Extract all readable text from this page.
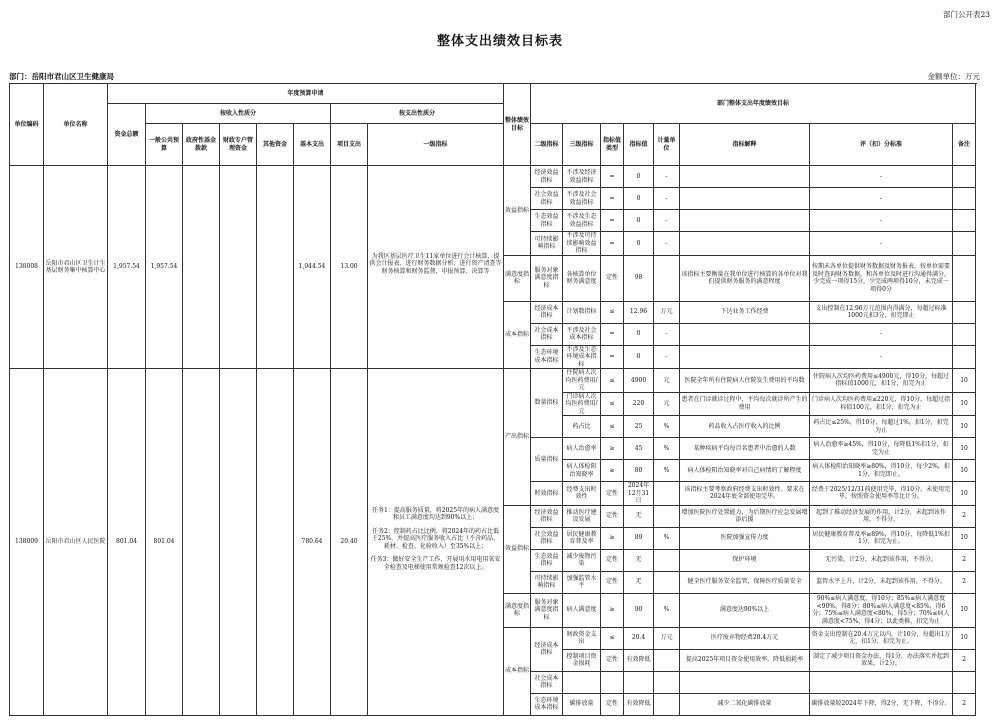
部门公开表23
整体支出绩效目标表
部门：岳阳市君山区卫生健康局	金额单位：万元
单位编码	单位名称	年度预算申请								整体绩效目标	部门整体支出年度绩效目标							
		资金总额	按收入性质分					按支出性质分										
			一般公共预算	政府性基金拨款	财政专户管理资金	其他资金	基本支出	项目支出	一级指标		二级指标	三级指标	指标值类型	指标值	计量单位	指标解释	评（扣）分标准	备注
138008	岳阳市君山区卫生计生基层财务集中核算中心	1,957.54	1,957.54				1,944.54	13.00	为我区基层医疗卫生11家单位进行会计核算、提供会计报表、进行财务数据分析、进行资产清查等财务核算和财务监督，申报预算、决算等	效益指标	经济效益指标	不涉及经济效益指标	=	0	-		-	
											社会效益指标	不涉及社会效益指标	=	0	-		-	
											生态效益指标	不涉及生态效益指标	=	0	-		-	
											可持续影响指标	不涉及可持续影响效益指标	=	0	-		-	
										满意度指标	服务对象满意度指标	各核算单位财务满意度	定性	98		该指标主要衡量在我单位进行核算的各单位对我们提供财务服务的满意程度	按期未各单位提供财务数据及财务报表，按单位需要及时查询财务数据，和各单位及时进行沟通得满分，少完成一项得15分，少完成两项得10分，未完成一项得0分	
										成本指标	经济成本指标	计划数指标	≤	12.96	万元	下达业务工作经费	支出控制在12.96万元范围内得满分，每超过标准1000元扣3分，扣完即止	
											社会成本指标	不涉及社会成本指标	=	0	-		-	
											生态环境成本指标	不涉及生态环境成本指标	=	0	-		-	
138009	岳阳市君山区人民医院	801.04	801.04				780.64	20.40	任务1：提高服务质量，将2025年的病人满意度和员工满意度均达到90%以上；

任务2：控制药占比比例，将2024年的药占比低于25%，并提高医疗服务收入占比（不含药品、耗材、检查、化验收入）至35%以上；

任务3：做好安全生产工作，开展用水用电用氧安全检查及电梯使用常规检查12次以上。	产出指标	数量指标	住院病人次均医药费用/元	≤	4900	元	医院全年所有住院病人住院发生费用的平均数	住院病人次均医药费用≤4900元，得10分，每超过指标值1000元，扣1分，扣完为止	10
												门诊病人次均医药费用/元	≤	220	元	患者在门诊就诊过程中，平均每次就诊所产生的费用	门诊病人次均医药费用≤220元，得10分，每超过指标值100元，扣1分，扣完为止	10
												药占比	≤	25	%	药品收入占医疗收入的比例	药占比≤25%，得10分，每超过1%，扣1分，扣完为止	10
											质量指标	病人治愈率	≥	45	%	某种疾病平均每百名患者中治愈的人数	病人治愈率≥45%，得10分，每降低1%扣1分，扣完为止	10
												病人体检阳治知晓率	≥	80	%	病人体检阳治知晓率对自己病情的了解程度	病人体检阳治知晓率≥80%，得10分，每少2%，扣1分，扣完即止。	10
											时效指标	经费支出时效性	定性	2024年12月31日		该指标主要考察政府经费支出时效性。要求在2024年底全部使用完毕。	经费于2025/12/31前使用完毕，得10分，未使用完毕，按照资金使用率等比计分。	10
										效益指标	经济效益指标	推动医疗建设发展	定性	无		增加医院医疗处置能力，为后期医疗应急发展增添后援	起到了推动经济发展的作用，计2分，未起到该作用，不得分。	2
											社会效益指标	居民健康教育普及率	≥	89	%	医院加强宣传力度	居民健康教育普及率≥89%，得10分，每降低1%扣1分，扣完为止。	10
											生态效益指标	减少废物污染	定性	无		保护环境	无污染，计2分，未起到该作用，不得分。	2
											可持续影响指标	加强监管水平	定性	无		健全医疗服务安全监管，保障医疗质量安全	监管水平上升，计2分，未起到该作用，不得分。	2
										满意度指标	服务对象满意度指标	病人满意度	≥	90	%	满意度达90%以上	90%≤病人满意度，得10分；85%≤病人满意度<90%，得8分；80%≤病人满意度<85%，得6分；75%≤病人满意度<80%，得5分；70%≤病人满意度<75%，得4分；以此类推，扣完为止	10
										成本指标	经济成本指标	财政资金支出	≤	20.4	万元	医疗废弃物经费20.4万元	资金支出控制在20.4万元以内，计10分，每超出1万元，扣1分，扣完为止。	10
												控制项目资金损耗	定性	有效降低		提高2025年项目资金使用效率，降低损耗率	制定了减少项目资金办法，得1分，办法落实并起到效果，计2分。	2
											社会成本指标							
											生态环境成本指标	碳排放量	定性	有效降低		减少二氧化碳排放量	碳排放量较2024年下降，得2分，无下降，不得分。	2
